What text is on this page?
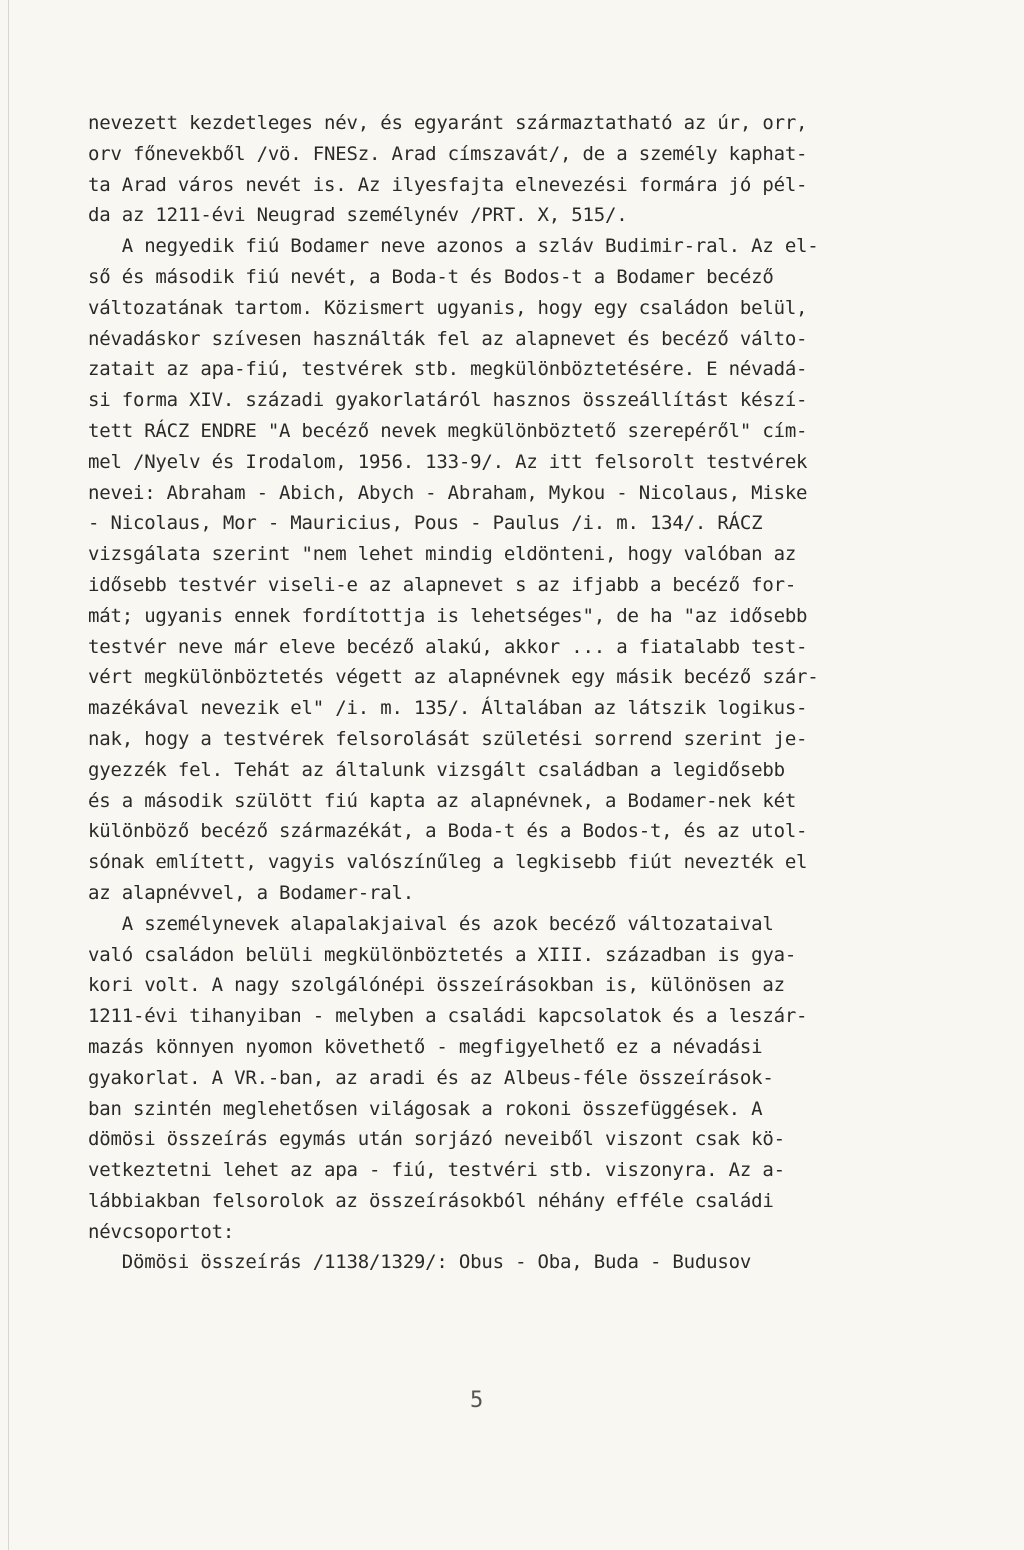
nevezett kezdetleges név, és egyaránt származtatható az úr, orr,
orv főnevekből /vö. FNESz. Arad címszavát/, de a személy kaphat-
ta Arad város nevét is. Az ilyesfajta elnevezési formára jó pél-
da az 1211-évi Neugrad személynév /PRT. X, 515/.
A negyedik fiú Bodamer neve azonos a szláv Budimir-ral. Az el-
ső és második fiú nevét, a Boda-t és Bodos-t a Bodamer becéző
változatának tartom. Közismert ugyanis, hogy egy családon belül,
névadáskor szívesen használták fel az alapnevet és becéző válto-
zatait az apa-fiú, testvérek stb. megkülönböztetésére. E névadá-
si forma XIV. századi gyakorlatáról hasznos összeállítást készí-
tett RÁCZ ENDRE "A becéző nevek megkülönböztető szerepéről" cím-
mel /Nyelv és Irodalom, 1956. 133-9/. Az itt felsorolt testvérek
nevei: Abraham - Abich, Abych - Abraham, Mykou - Nicolaus, Miske
- Nicolaus, Mor - Mauricius, Pous - Paulus /i. m. 134/. RÁCZ
vizsgálata szerint "nem lehet mindig eldönteni, hogy valóban az
idősebb testvér viseli-e az alapnevet s az ifjabb a becéző for-
mát; ugyanis ennek fordítottja is lehetséges", de ha "az idősebb
testvér neve már eleve becéző alakú, akkor ... a fiatalabb test-
vért megkülönböztetés végett az alapnévnek egy másik becéző szár-
mazékával nevezik el" /i. m. 135/. Általában az látszik logikus-
nak, hogy a testvérek felsorolását születési sorrend szerint je-
gyezzék fel. Tehát az általunk vizsgált családban a legidősebb
és a második szülött fiú kapta az alapnévnek, a Bodamer-nek két
különböző becéző származékát, a Boda-t és a Bodos-t, és az utol-
sónak említett, vagyis valószínűleg a legkisebb fiút nevezték el
az alapnévvel, a Bodamer-ral.
A személynevek alapalakjaival és azok becéző változataival
való családon belüli megkülönböztetés a XIII. században is gya-
kori volt. A nagy szolgálónépi összeírásokban is, különösen az
1211-évi tihanyiban - melyben a családi kapcsolatok és a leszár-
mazás könnyen nyomon követhető - megfigyelhető ez a névadási
gyakorlat. A VR.-ban, az aradi és az Albeus-féle összeírások-
ban szintén meglehetősen világosak a rokoni összefüggések. A
dömösi összeírás egymás után sorjázó neveiből viszont csak kö-
vetkeztetni lehet az apa - fiú, testvéri stb. viszonyra. Az a-
lábbiakban felsorolok az összeírásokból néhány efféle családi
névcsoportot:
Dömösi összeírás /1138/1329/: Obus - Oba, Buda - Budusov
5
